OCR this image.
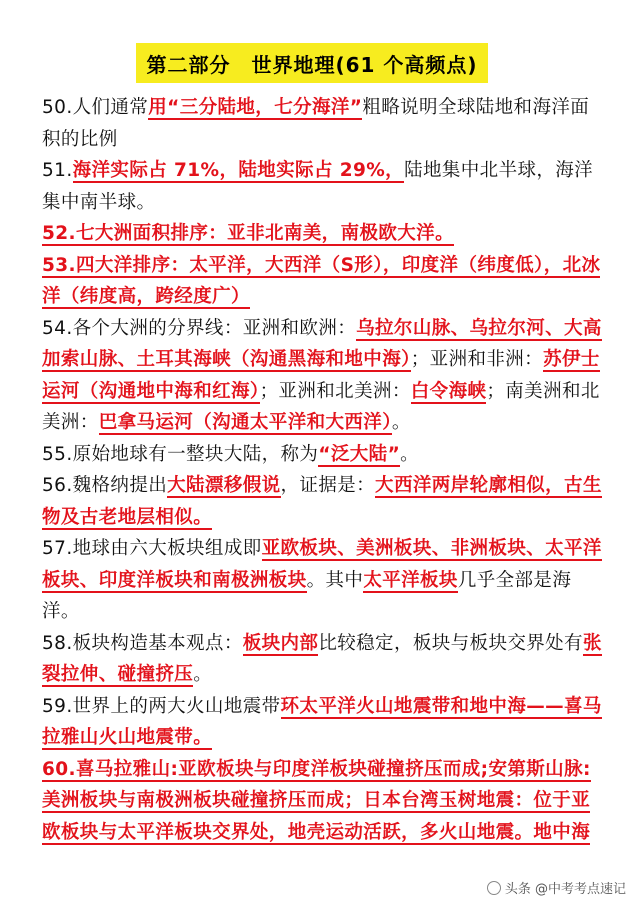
第二部分　世界地理(61 个高频点)

50.人们通常用“三分陆地，七分海洋”粗略说明全球陆地和海洋面积的比例

51.海洋实际占 71%，陆地实际占 29%，陆地集中北半球，海洋集中南半球。

52.七大洲面积排序：亚非北南美，南极欧大洋。

53.四大洋排序：太平洋，大西洋（S形），印度洋（纬度低），北冰洋（纬度高，跨经度广）

54.各个大洲的分界线：亚洲和欧洲：乌拉尔山脉、乌拉尔河、大高加索山脉、土耳其海峡（沟通黑海和地中海）；亚洲和非洲：苏伊士运河（沟通地中海和红海）；亚洲和北美洲：白令海峡；南美洲和北美洲：巴拿马运河（沟通太平洋和大西洋）。

55.原始地球有一整块大陆，称为“泛大陆”。

56.魏格纳提出大陆漂移假说，证据是：大西洋两岸轮廓相似，古生物及古老地层相似。

57.地球由六大板块组成即亚欧板块、美洲板块、非洲板块、太平洋板块、印度洋板块和南极洲板块。其中太平洋板块几乎全部是海洋。

58.板块构造基本观点：板块内部比较稳定，板块与板块交界处有张裂拉伸、碰撞挤压。

59.世界上的两大火山地震带环太平洋火山地震带和地中海——喜马拉雅山火山地震带。

60.喜马拉雅山:亚欧板块与印度洋板块碰撞挤压而成;安第斯山脉:美洲板块与南极洲板块碰撞挤压而成；日本台湾玉树地震：位于亚欧板块与太平洋板块交界处，地壳运动活跃，多火山地震。地中海

头条 @中考考点速记
